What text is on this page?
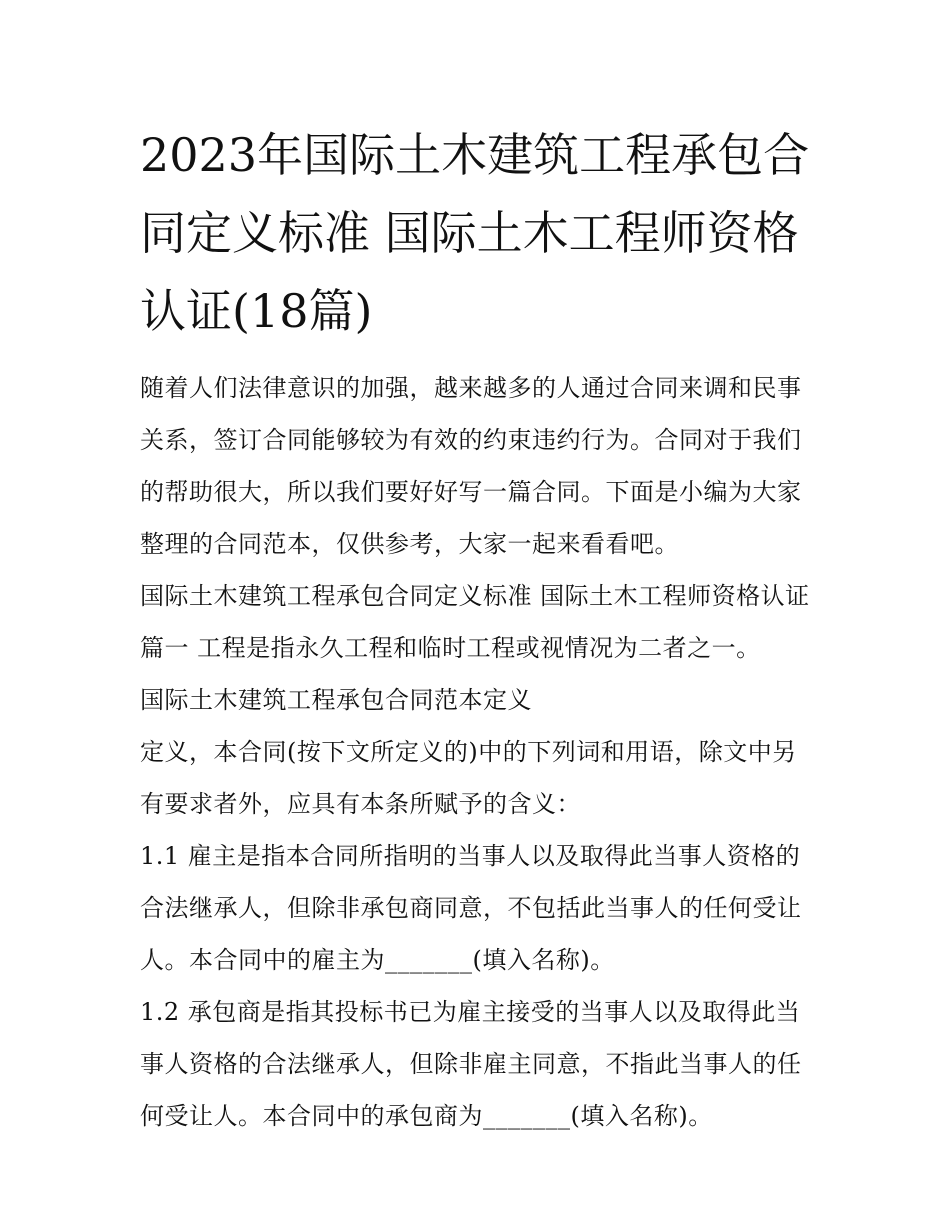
2023年国际土木建筑工程承包合同定义标准 国际土木工程师资格认证(18篇)

随着人们法律意识的加强，越来越多的人通过合同来调和民事关系，签订合同能够较为有效的约束违约行为。合同对于我们的帮助很大，所以我们要好好写一篇合同。下面是小编为大家整理的合同范本，仅供参考，大家一起来看看吧。

国际土木建筑工程承包合同定义标准 国际土木工程师资格认证篇一 工程是指永久工程和临时工程或视情况为二者之一。

国际土木建筑工程承包合同范本定义

定义，本合同(按下文所定义的)中的下列词和用语，除文中另有要求者外，应具有本条所赋予的含义：

1.1 雇主是指本合同所指明的当事人以及取得此当事人资格的合法继承人，但除非承包商同意，不包括此当事人的任何受让人。本合同中的雇主为_______(填入名称)。

1.2 承包商是指其投标书已为雇主接受的当事人以及取得此当事人资格的合法继承人，但除非雇主同意，不指此当事人的任何受让人。本合同中的承包商为_______(填入名称)。
